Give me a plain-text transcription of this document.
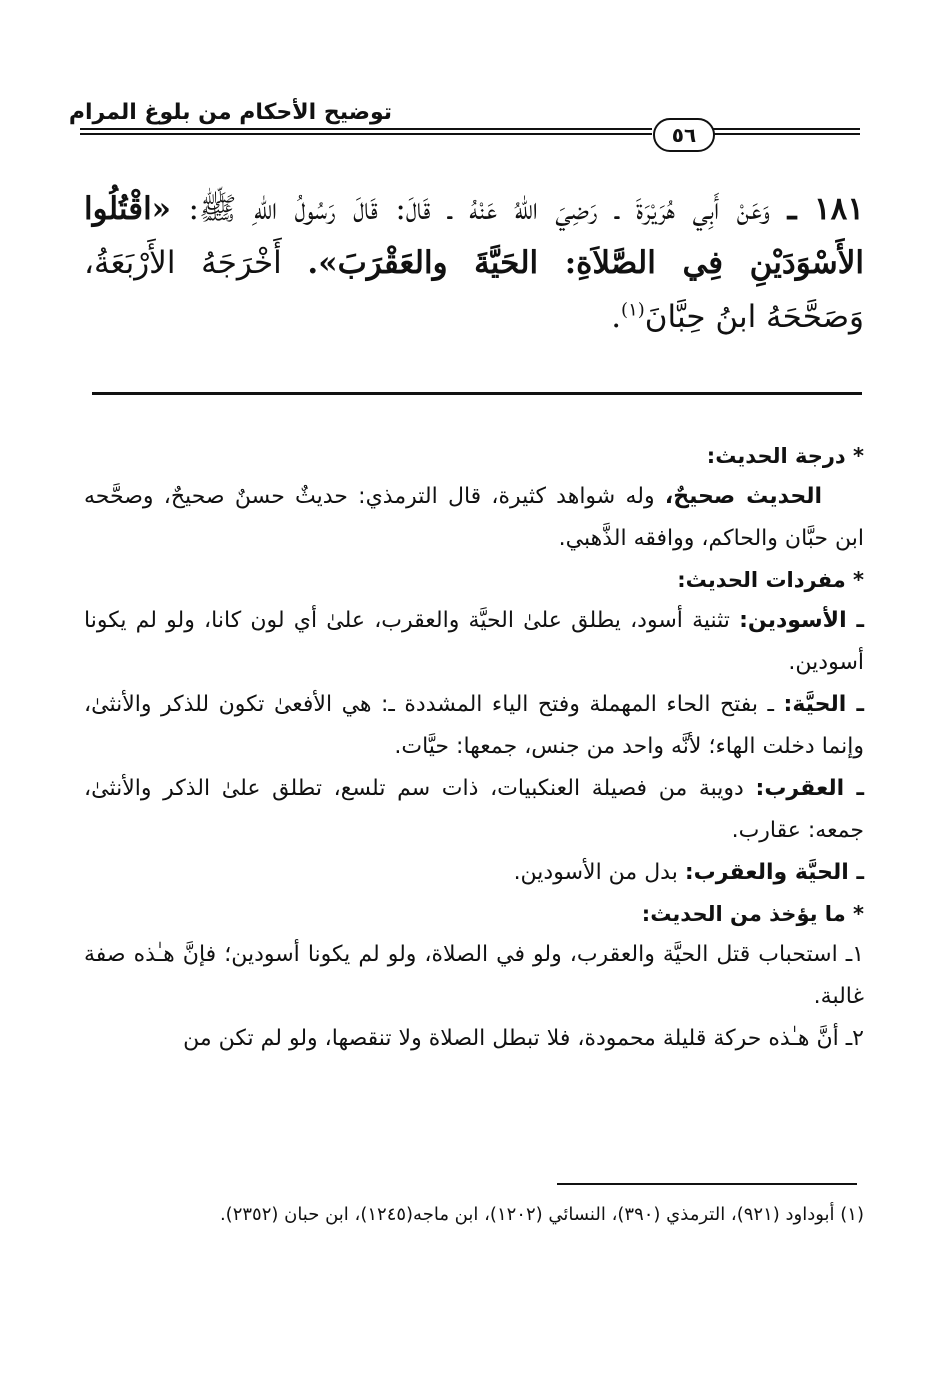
توضيح الأحكام من بلوغ المرام
٥٦
١٨١ ـ وَعَنْ أَبِي هُرَيْرَةَ ـ رَضِيَ اللهُ عَنْهُ ـ قَالَ: قَالَ رَسُولُ اللهِ ﷺ: «اقْتُلُوا الأَسْوَدَيْنِ فِي الصَّلاَةِ: الحَيَّةَ والعَقْرَبَ». أَخْرَجَهُ الأَرْبَعَةُ، وَصَحَّحَهُ ابنُ حِبَّانَ$^{(١)}$.

* درجة الحديث:

الحديث صحيحٌ، وله شواهد كثيرة، قال الترمذي: حديثٌ حسنٌ صحيحٌ، وصحَّحه ابن حبَّان والحاكم، ووافقه الذَّهبي.

* مفردات الحديث:

ـ الأسودين: تثنية أسود، يطلق علىٰ الحيَّة والعقرب، علىٰ أي لون كانا، ولو لم يكونا أسودين.

ـ الحيَّة: ـ بفتح الحاء المهملة وفتح الياء المشددة ـ: هي الأفعىٰ تكون للذكر والأنثىٰ، وإنما دخلت الهاء؛ لأنَّه واحد من جنس، جمعها: حيَّات.

ـ العقرب: دويبة من فصيلة العنكبيات، ذات سم تلسع، تطلق علىٰ الذكر والأنثىٰ، جمعه: عقارب.

ـ الحيَّة والعقرب: بدل من الأسودين.

* ما يؤخذ من الحديث:

١ـ استحباب قتل الحيَّة والعقرب، ولو في الصلاة، ولو لم يكونا أسودين؛ فإنَّ هـٰذه صفة غالبة.

٢ـ أنَّ هـٰذه حركة قليلة محمودة، فلا تبطل الصلاة ولا تنقصها، ولو لم تكن من

(١) أبوداود (٩٢١)، الترمذي (٣٩٠)، النسائي (١٢٠٢)، ابن ماجه(١٢٤٥)، ابن حبان (٢٣٥٢).
